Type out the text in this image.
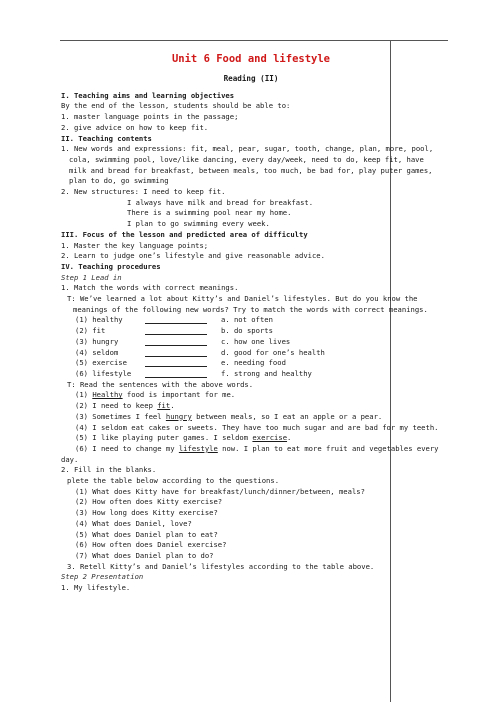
Unit 6 Food and lifestyle
Reading (II)
I. Teaching aims and learning objectives
By the end of the lesson, students should be able to:
1. master language points in the passage;
2. give advice on how to keep fit.
II. Teaching contents
1. New words and expressions: fit, meal, pear, sugar, tooth, change, plan, more, pool, cola, swimming pool, love/like dancing, every day/week, need to do, keep fit, have milk and bread for breakfast, between meals, too much, be bad for, play puter games, plan to do, go swimming
2. New structures: I need to keep fit.
I always have milk and bread for breakfast.
There is a swimming pool near my home.
I plan to go swimming every week.
III. Focus of the lesson and predicted area of difficulty
1. Master the key language points;
2. Learn to judge one’s lifestyle and give reasonable advice.
IV. Teaching procedures
Step 1 Lead in
1. Match the words with correct meanings.
T: We’ve learned a lot about Kitty’s and Daniel’s lifestyles. But do you know the meanings of the following new words? Try to match the words with correct meanings.
(1) healthy	a. not often
(2) fit	b. do sports
(3) hungry	c. how one lives
(4) seldom	d. good for one’s health
(5) exercise	e. needing food
(6) lifestyle	f. strong and healthy
T: Read the sentences with the above words.
(1) Healthy food is important for me.
(2) I need to keep fit.
(3) Sometimes I feel hungry between meals, so I eat an apple or a pear.
(4) I seldom eat cakes or sweets. They have too much sugar and are bad for my teeth.
(5) I like playing puter games. I seldom exercise.
(6) I need to change my lifestyle now. I plan to eat more fruit and vegetables every
day.
2. Fill in the blanks.
plete the table below according to the questions.
(1) What does Kitty have for breakfast/lunch/dinner/between, meals?
(2) How often does Kitty exercise?
(3) How long does Kitty exercise?
(4) What does Daniel, love?
(5) What does Daniel plan to eat?
(6) How often does Daniel exercise?
(7) What does Daniel plan to do?
3. Retell Kitty’s and Daniel’s lifestyles according to the table above.
Step 2 Presentation
1. My lifestyle.
